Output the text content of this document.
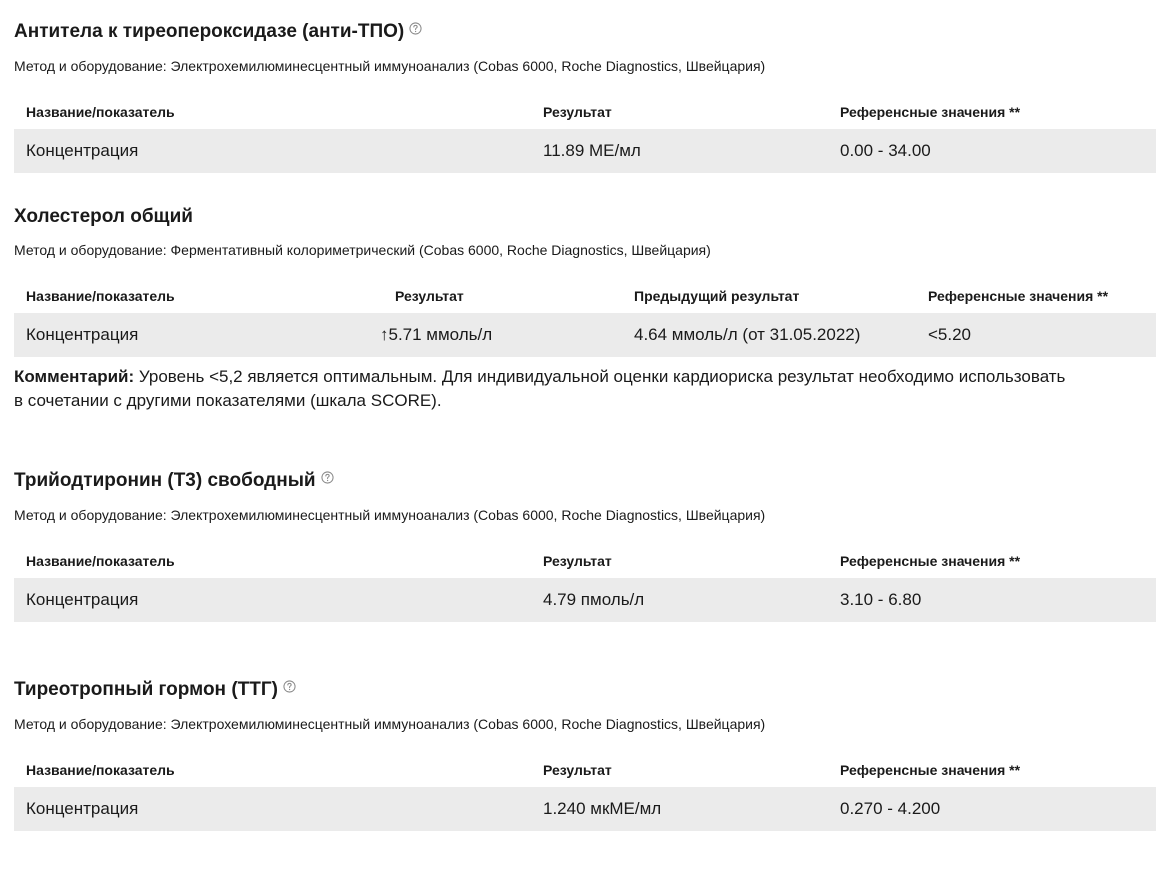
Антитела к тиреопероксидазе (анти-ТПО)
Метод и оборудование: Электрохемилюминесцентный иммуноанализ (Cobas 6000, Roche Diagnostics, Швейцария)
Название/показатель	Результат	Референсные значения **
Концентрация	11.89 МЕ/мл	0.00 - 34.00
Холестерол общий
Метод и оборудование: Ферментативный колориметрический (Cobas 6000, Roche Diagnostics, Швейцария)
Название/показатель	Результат	Предыдущий результат	Референсные значения **
Концентрация	↑5.71 ммоль/л	4.64 ммоль/л (от 31.05.2022)	<5.20
Комментарий: Уровень <5,2 является оптимальным. Для индивидуальной оценки кардиориска результат необходимо использовать в сочетании с другими показателями (шкала SCORE).
Трийодтиронин (Т3) свободный
Метод и оборудование: Электрохемилюминесцентный иммуноанализ (Cobas 6000, Roche Diagnostics, Швейцария)
Название/показатель	Результат	Референсные значения **
Концентрация	4.79 пмоль/л	3.10 - 6.80
Тиреотропный гормон (ТТГ)
Метод и оборудование: Электрохемилюминесцентный иммуноанализ (Cobas 6000, Roche Diagnostics, Швейцария)
Название/показатель	Результат	Референсные значения **
Концентрация	1.240 мкМЕ/мл	0.270 - 4.200
